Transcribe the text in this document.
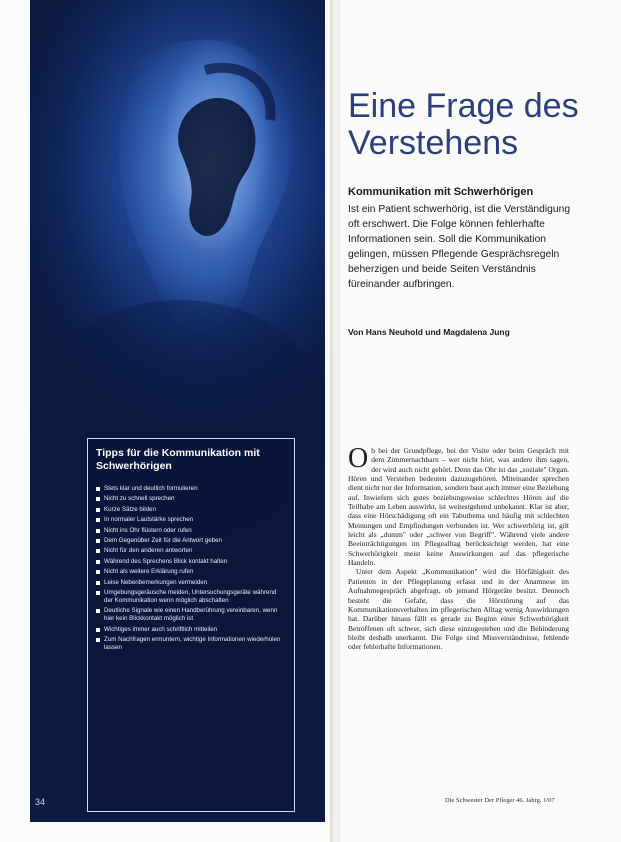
Tipps für die Kommunikation mit Schwerhörigen
Stets klar und deutlich formulieren
Nicht zu schnell sprechen
Kurze Sätze bilden
In normaler Lautstärke sprechen
Nicht ins Ohr flüstern oder rufen
Dem Gegenüber Zeit für die Antwort geben
Nicht für den anderen antworten
Während des Sprechens Blick kontakt halten
Nicht als weitere Erklärung rufen
Leise Nebenbemerkungen vermeiden
Umgebungsgeräusche meiden, Untersuchungsgeräte während der Kommunikation wenn möglich abschalten
Deutliche Signale wie einen Handberührung vereinbaren, wenn hier kein Blickkontakt möglich ist
Wichtiges immer auch schriftlich mitteilen
Zum Nachfragen ermuntern, wichtige Informationen wiederholen lassen
34
Eine Frage des Verstehens
Kommunikation mit Schwerhörigen
Ist ein Patient schwerhörig, ist die Verständigung oft erschwert. Die Folge können fehlerhafte Informationen sein. Soll die Kommunikation gelingen, müssen Pflegende Gesprächsregeln beherzigen und beide Seiten Verständnis füreinander aufbringen.
Von Hans Neuhold und Magdalena Jung
O b bei der Grundpflege, bei der Visite oder beim Gespräch mit dem Zimmernachbarn – wer nicht hört, was andere ihm sagen, der wird auch nicht gehört. Denn das Ohr ist das „soziale" Organ. Hören und Verstehen bedeuten dazuzugehören. Miteinander sprechen dient nicht nur der Information, sondern baut auch immer eine Beziehung auf. Inwiefern sich gutes beziehungsweise schlechtes Hören auf die Teilhabe am Leben auswirkt, ist weitestgehend unbekannt. Klar ist aber, dass eine Hörschädigung oft ein Tabuthema und häufig mit schlechten Meinungen und Empfindungen verbunden ist. Wer schwerhörig ist, gilt leicht als „dumm" oder „schwer von Begriff". Während viele andere Beeinträchtigungen im Pflegealltag berücksichtigt werden, hat eine Schwerhörigkeit meist keine Auswirkungen auf das pflegerische Handeln.

Unter dem Aspekt „Kommunikation" wird die Hörfähigkeit des Patienten in der Pflegeplanung erfasst und in der Anamnese im Aufnahmegespräch abgefragt, ob jemand Hörgeräte besitzt. Dennoch besteht die Gefahr, dass die Hörstörung auf das Kommunikationsverhalten im pflegerischen Alltag wenig Auswirkungen hat. Darüber hinaus fällt es gerade zu Beginn einer Schwerhörigkeit Betroffenen oft schwer, sich diese einzugestehen und die Behinderung bleibt deshalb unerkannt. Die Folge sind Missverständnisse, fehlende oder fehlerhafte Informationen.

Die Schwester Der Pfleger 46. Jahrg. 1/07
